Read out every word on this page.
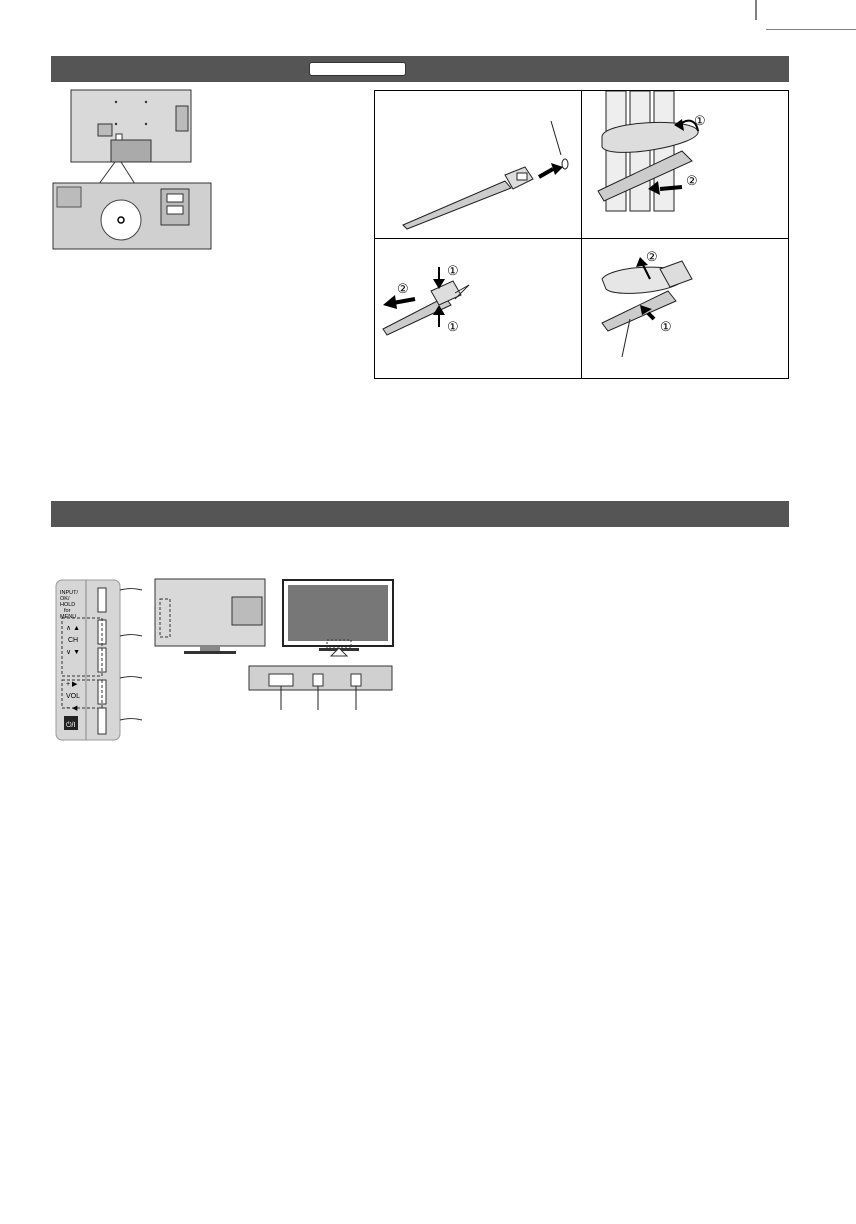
①
②
②
①
①
②
①
INPUT/
OK/
HOLD
for
MENU
∧ ▲
CH
∨ ▼
+ ▶
VOL
− ◀
⏻/I
